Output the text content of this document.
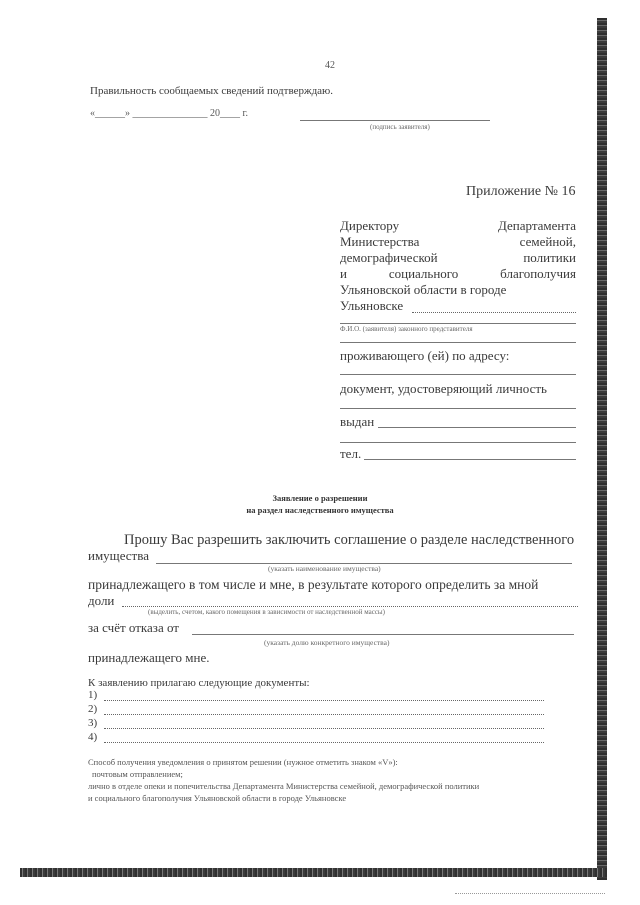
42
Правильность сообщаемых сведений подтверждаю.
«______» _______________ 20____ г.
(подпись заявителя)
Приложение № 16
Директору	Департамента
Министерства	семейной,
демографической	политики
и	социального	благополучия
Ульяновской области в городе
Ульяновске
Ф.И.О. (заявителя) законного представителя
проживающего (ей) по адресу:
документ, удостоверяющий личность
выдан
тел.
Заявление о разрешении
на раздел наследственного имущества
Прошу Вас разрешить заключить соглашение о разделе наследственного
имущества
(указать наименование имущества)
принадлежащего в том числе и мне, в результате которого определить за мной
доли
(выделить, счетом, какого помещения в зависимости от наследственной массы)
за счёт отказа от
(указать долю конкретного имущества)
принадлежащего мне.
К заявлению прилагаю следующие документы:
1)
2)
3)
4)
Способ получения уведомления о принятом решении (нужное отметить знаком «V»):
почтовым отправлением;
лично в отделе опеки и попечительства Департамента Министерства семейной, демографической политики
и социального благополучия Ульяновской области в городе Ульяновске
